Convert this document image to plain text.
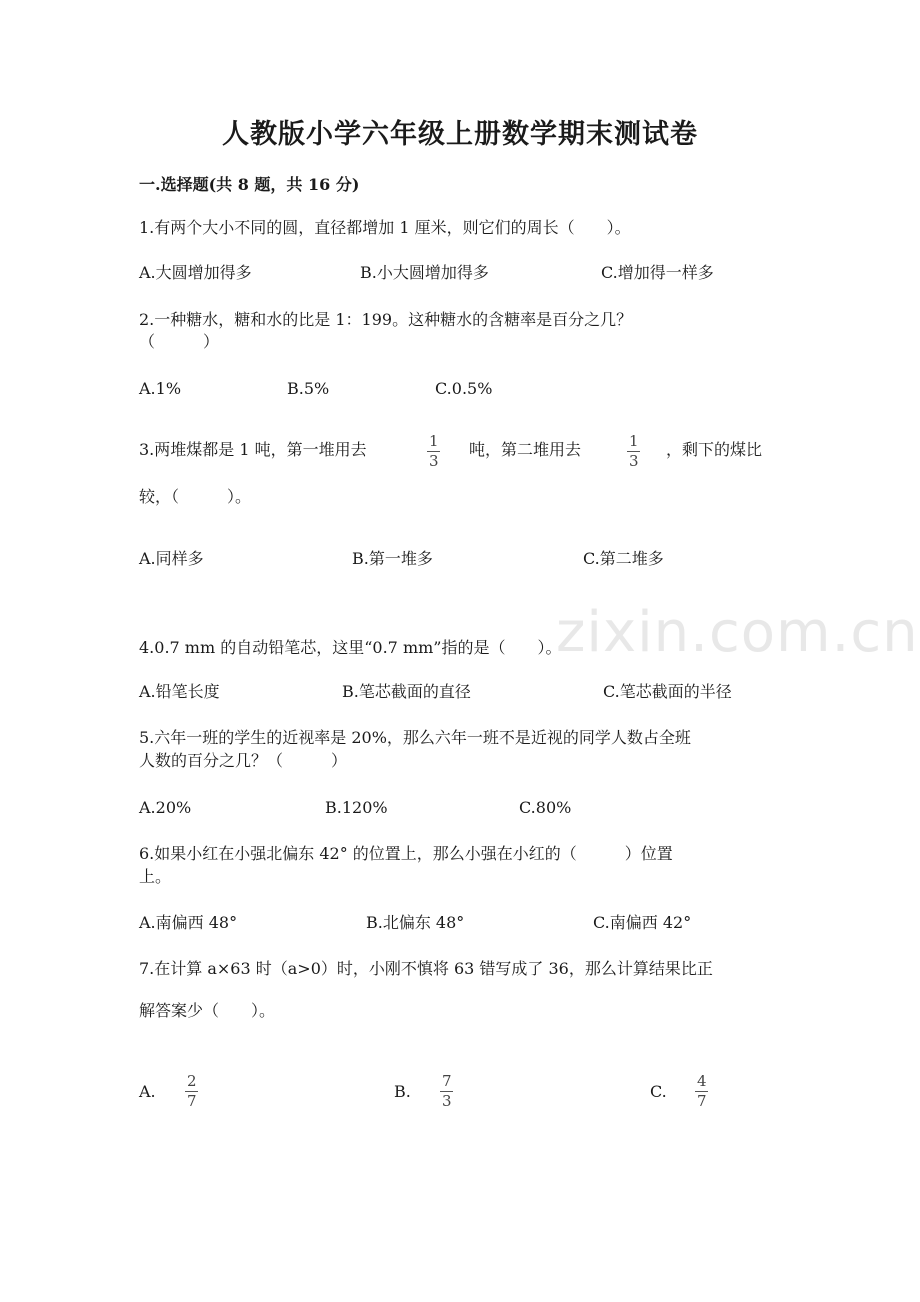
zixin.com.cn
人教版小学六年级上册数学期末测试卷
一.选择题(共 8 题，共 16 分)
1.有两个大小不同的圆，直径都增加 1 厘米，则它们的周长（　　）。
A.大圆增加得多	B.小大圆增加得多	C.增加得一样多
2.一种糖水，糖和水的比是 1：199。这种糖水的含糖率是百分之几？
（　　　）
A.1%	B.5%	C.0.5%
3.两堆煤都是 1 吨，第一堆用去	1
3
吨，第二堆用去	1
3
，剩下的煤比
较，（　　　）。
A.同样多	B.第一堆多	C.第二堆多
4.0.7 mm 的自动铅笔芯，这里“0.7 mm”指的是（　　）。
A.铅笔长度	B.笔芯截面的直径	C.笔芯截面的半径
5.六年一班的学生的近视率是 20%，那么六年一班不是近视的同学人数占全班
人数的百分之几？（　　　）
A.20%	B.120%	C.80%
6.如果小红在小强北偏东 42° 的位置上，那么小强在小红的（　　　）位置
上。
A.南偏西 48°	B.北偏东 48°	C.南偏西 42°
7.在计算 a×63 时（a>0）时，小刚不慎将 63 错写成了 36，那么计算结果比正
解答案少（　　）。
A.
2
7	B.
7
3	C.
4
7
